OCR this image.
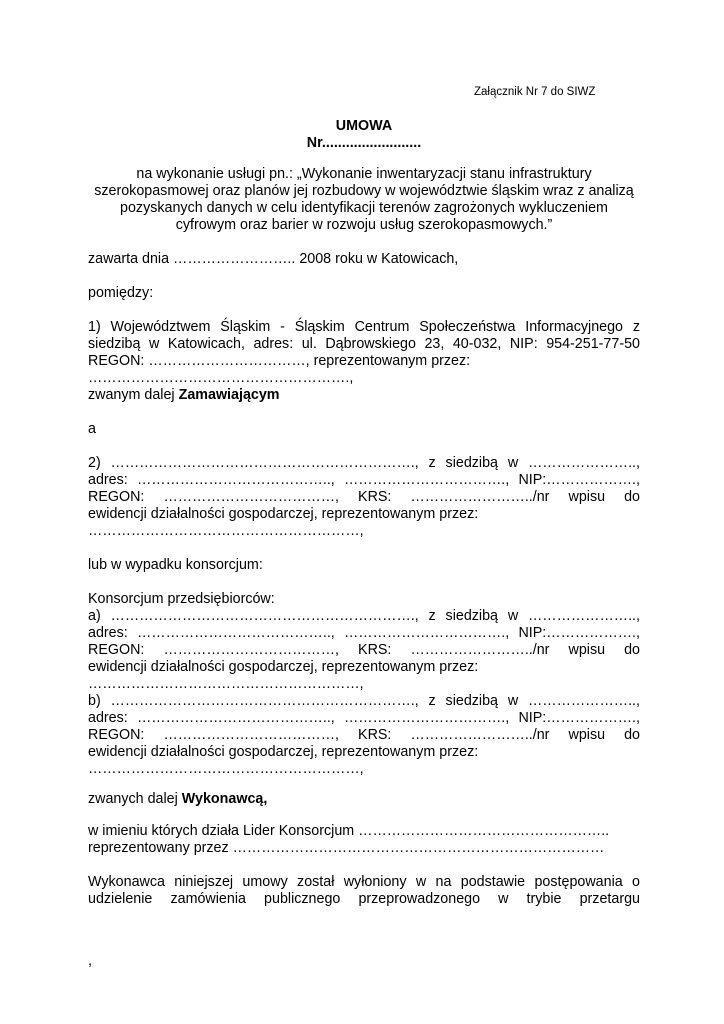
Załącznik Nr 7 do SIWZ
UMOWA
Nr.........................
na wykonanie usługi pn.: „Wykonanie inwentaryzacji stanu infrastruktury
szerokopasmowej oraz planów jej rozbudowy w województwie śląskim wraz z analizą
pozyskanych danych w celu identyfikacji terenów zagrożonych wykluczeniem
cyfrowym oraz barier w rozwoju usług szerokopasmowych.”
zawarta dnia …………………….. 2008 roku w Katowicach,
pomiędzy:
1) Województwem Śląskim - Śląskim Centrum Społeczeństwa Informacyjnego z
siedzibą w Katowicach, adres: ul. Dąbrowskiego 23, 40-032, NIP: 954-251-77-50
REGON: ……………………………, reprezentowanym przez:
……………………………………………….,
zwanym dalej Zamawiającym
a
2) ………………………………………………………., z siedzibą w …………………..,
adres: ………………………………….., ……………………………., NIP:……………….,
REGON: ………………………………, KRS: ……………………../nr wpisu do
ewidencji działalności gospodarczej, reprezentowanym przez:
…………………………………………………,
lub w wypadku konsorcjum:
Konsorcjum przedsiębiorców:
a) ………………………………………………………., z siedzibą w …………………..,
adres: ………………………………….., ……………………………., NIP:……………….,
REGON: ………………………………, KRS: ……………………../nr wpisu do
ewidencji działalności gospodarczej, reprezentowanym przez:
…………………………………………………,
b) ………………………………………………………., z siedzibą w …………………..,
adres: ………………………………….., ……………………………., NIP:……………….,
REGON: ………………………………, KRS: ……………………../nr wpisu do
ewidencji działalności gospodarczej, reprezentowanym przez:
…………………………………………………,
zwanych dalej Wykonawcą,
w imieniu których działa Lider Konsorcjum ……………………………………………..
reprezentowany przez ……………………………………………………………………
Wykonawca niniejszej umowy został wyłoniony w na podstawie postępowania o
udzielenie zamówienia publicznego przeprowadzonego w trybie przetargu
,
